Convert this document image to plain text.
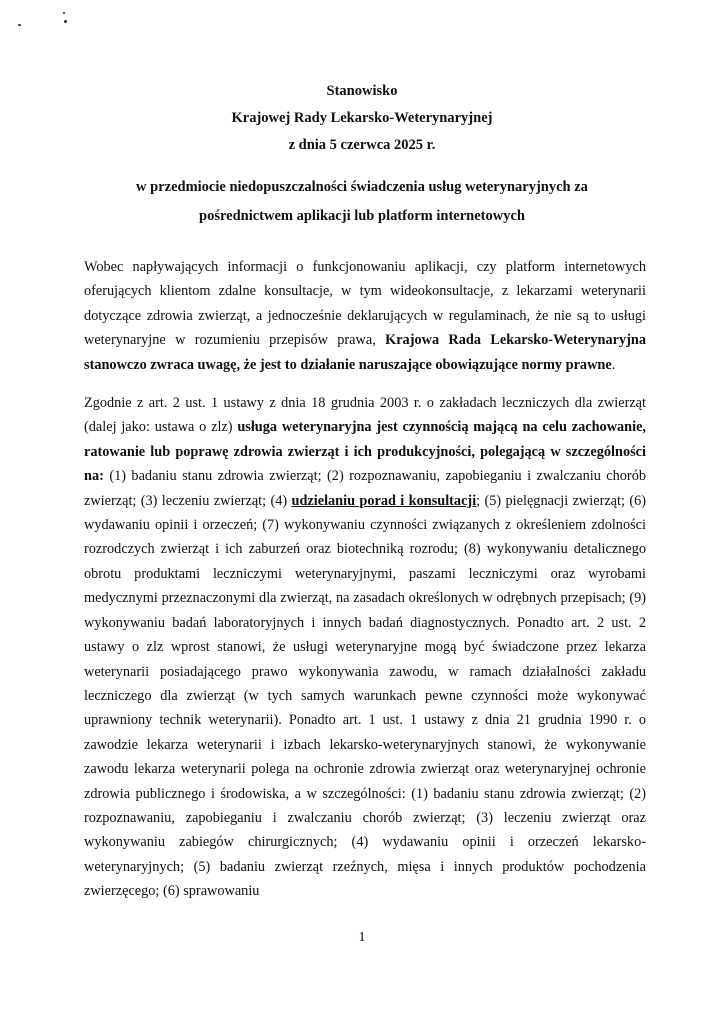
Stanowisko
Krajowej Rady Lekarsko-Weterynaryjnej
z dnia 5 czerwca 2025 r.
w przedmiocie niedopuszczalności świadczenia usług weterynaryjnych za
pośrednictwem aplikacji lub platform internetowych

Wobec napływających informacji o funkcjonowaniu aplikacji, czy platform internetowych oferujących klientom zdalne konsultacje, w tym wideokonsultacje, z lekarzami weterynarii dotyczące zdrowia zwierząt, a jednocześnie deklarujących w regulaminach, że nie są to usługi weterynaryjne w rozumieniu przepisów prawa, Krajowa Rada Lekarsko-Weterynaryjna stanowczo zwraca uwagę, że jest to działanie naruszające obowiązujące normy prawne.

Zgodnie z art. 2 ust. 1 ustawy z dnia 18 grudnia 2003 r. o zakładach leczniczych dla zwierząt (dalej jako: ustawa o zlz) usługa weterynaryjna jest czynnością mającą na celu zachowanie, ratowanie lub poprawę zdrowia zwierząt i ich produkcyjności, polegającą w szczególności na: (1) badaniu stanu zdrowia zwierząt; (2) rozpoznawaniu, zapobieganiu i zwalczaniu chorób zwierząt; (3) leczeniu zwierząt; (4) udzielaniu porad i konsultacji; (5) pielęgnacji zwierząt; (6) wydawaniu opinii i orzeczeń; (7) wykonywaniu czynności związanych z określeniem zdolności rozrodczych zwierząt i ich zaburzeń oraz biotechniką rozrodu; (8) wykonywaniu detalicznego obrotu produktami leczniczymi weterynaryjnymi, paszami leczniczymi oraz wyrobami medycznymi przeznaczonymi dla zwierząt, na zasadach określonych w odrębnych przepisach; (9) wykonywaniu badań laboratoryjnych i innych badań diagnostycznych. Ponadto art. 2 ust. 2 ustawy o zlz wprost stanowi, że usługi weterynaryjne mogą być świadczone przez lekarza weterynarii posiadającego prawo wykonywania zawodu, w ramach działalności zakładu leczniczego dla zwierząt (w tych samych warunkach pewne czynności może wykonywać uprawniony technik weterynarii). Ponadto art. 1 ust. 1 ustawy z dnia 21 grudnia 1990 r. o zawodzie lekarza weterynarii i izbach lekarsko-weterynaryjnych stanowi, że wykonywanie zawodu lekarza weterynarii polega na ochronie zdrowia zwierząt oraz weterynaryjnej ochronie zdrowia publicznego i środowiska, a w szczególności: (1) badaniu stanu zdrowia zwierząt; (2) rozpoznawaniu, zapobieganiu i zwalczaniu chorób zwierząt; (3) leczeniu zwierząt oraz wykonywaniu zabiegów chirurgicznych; (4) wydawaniu opinii i orzeczeń lekarsko-weterynaryjnych; (5) badaniu zwierząt rzeźnych, mięsa i innych produktów pochodzenia zwierzęcego; (6) sprawowaniu

1
